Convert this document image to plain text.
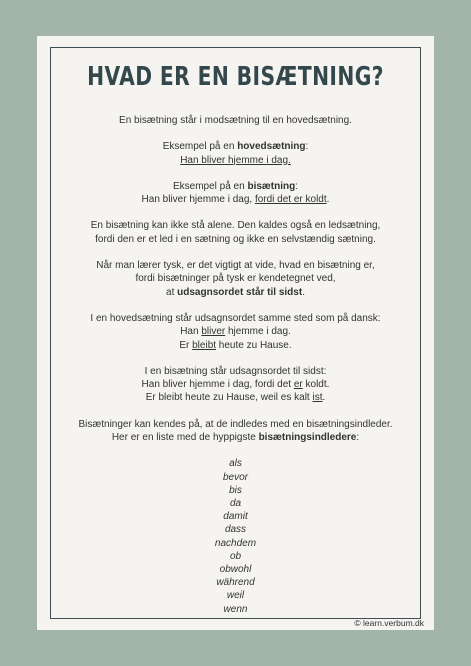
HVAD ER EN BISÆTNING?
En bisætning står i modsætning til en hovedsætning.
Eksempel på en hovedsætning:
Han bliver hjemme i dag.
Eksempel på en bisætning:
Han bliver hjemme i dag, fordi det er koldt.
En bisætning kan ikke stå alene. Den kaldes også en ledsætning,
fordi den er et led i en sætning og ikke en selvstændig sætning.
Når man lærer tysk, er det vigtigt at vide, hvad en bisætning er,
fordi bisætninger på tysk er kendetegnet ved,
at udsagnsordet står til sidst.
I en hovedsætning står udsagnsordet samme sted som på dansk:
Han bliver hjemme i dag.
Er bleibt heute zu Hause.
I en bisætning står udsagnsordet til sidst:
Han bliver hjemme i dag, fordi det er koldt.
Er bleibt heute zu Hause, weil es kalt ist.
Bisætninger kan kendes på, at de indledes med en bisætningsindleder.
Her er en liste med de hyppigste bisætningsindledere:
als
bevor
bis
da
damit
dass
nachdem
ob
obwohl
während
weil
wenn
© learn.verbum.dk
